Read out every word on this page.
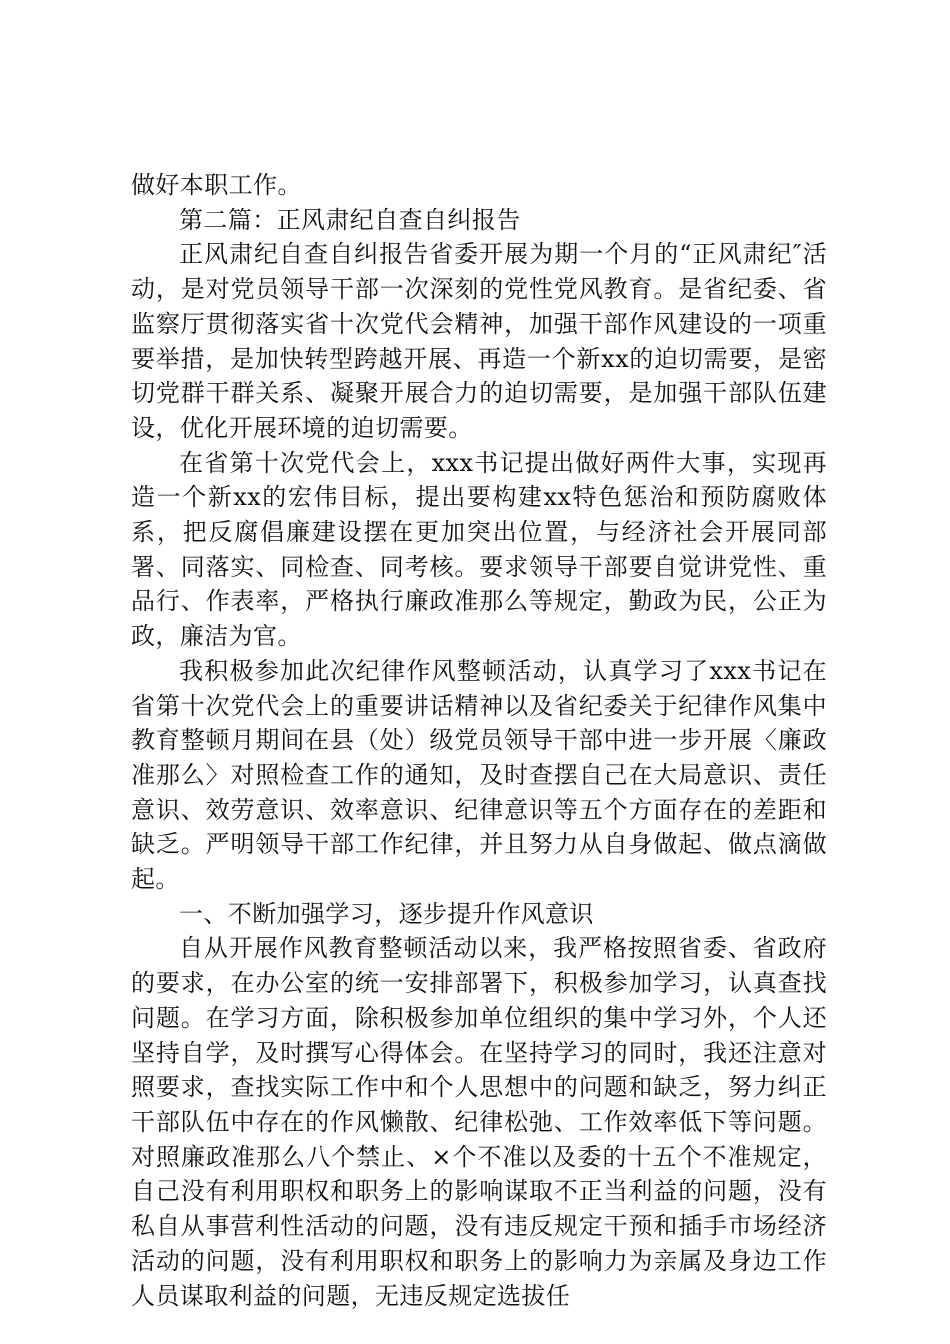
做好本职工作。

第二篇：正风肃纪自查自纠报告

正风肃纪自查自纠报告省委开展为期一个月的“正风肃纪″活动，是对党员领导干部一次深刻的党性党风教育。是省纪委、省监察厅贯彻落实省十次党代会精神，加强干部作风建设的一项重要举措，是加快转型跨越开展、再造一个新xx的迫切需要，是密切党群干群关系、凝聚开展合力的迫切需要，是加强干部队伍建设，优化开展环境的迫切需要。

在省第十次党代会上，xxx书记提出做好两件大事，实现再造一个新xx的宏伟目标，提出要构建xx特色惩治和预防腐败体系，把反腐倡廉建设摆在更加突出位置，与经济社会开展同部署、同落实、同检查、同考核。要求领导干部要自觉讲党性、重品行、作表率，严格执行廉政准那么等规定，勤政为民，公正为政，廉洁为官。

我积极参加此次纪律作风整顿活动，认真学习了xxx书记在省第十次党代会上的重要讲话精神以及省纪委关于纪律作风集中教育整顿月期间在县（处）级党员领导干部中进一步开展〈廉政准那么〉对照检查工作的通知，及时查摆自己在大局意识、责任意识、效劳意识、效率意识、纪律意识等五个方面存在的差距和缺乏。严明领导干部工作纪律，并且努力从自身做起、做点滴做起。

一、不断加强学习，逐步提升作风意识

自从开展作风教育整顿活动以来，我严格按照省委、省政府的要求，在办公室的统一安排部署下，积极参加学习，认真查找问题。在学习方面，除积极参加单位组织的集中学习外，个人还坚持自学，及时撰写心得体会。在坚持学习的同时，我还注意对照要求，查找实际工作中和个人思想中的问题和缺乏，努力纠正干部队伍中存在的作风懒散、纪律松弛、工作效率低下等问题。对照廉政准那么八个禁止、×个不准以及委的十五个不准规定，自己没有利用职权和职务上的影响谋取不正当利益的问题，没有私自从事营利性活动的问题，没有违反规定干预和插手市场经济活动的问题，没有利用职权和职务上的影响力为亲属及身边工作人员谋取利益的问题，无违反规定选拔任
